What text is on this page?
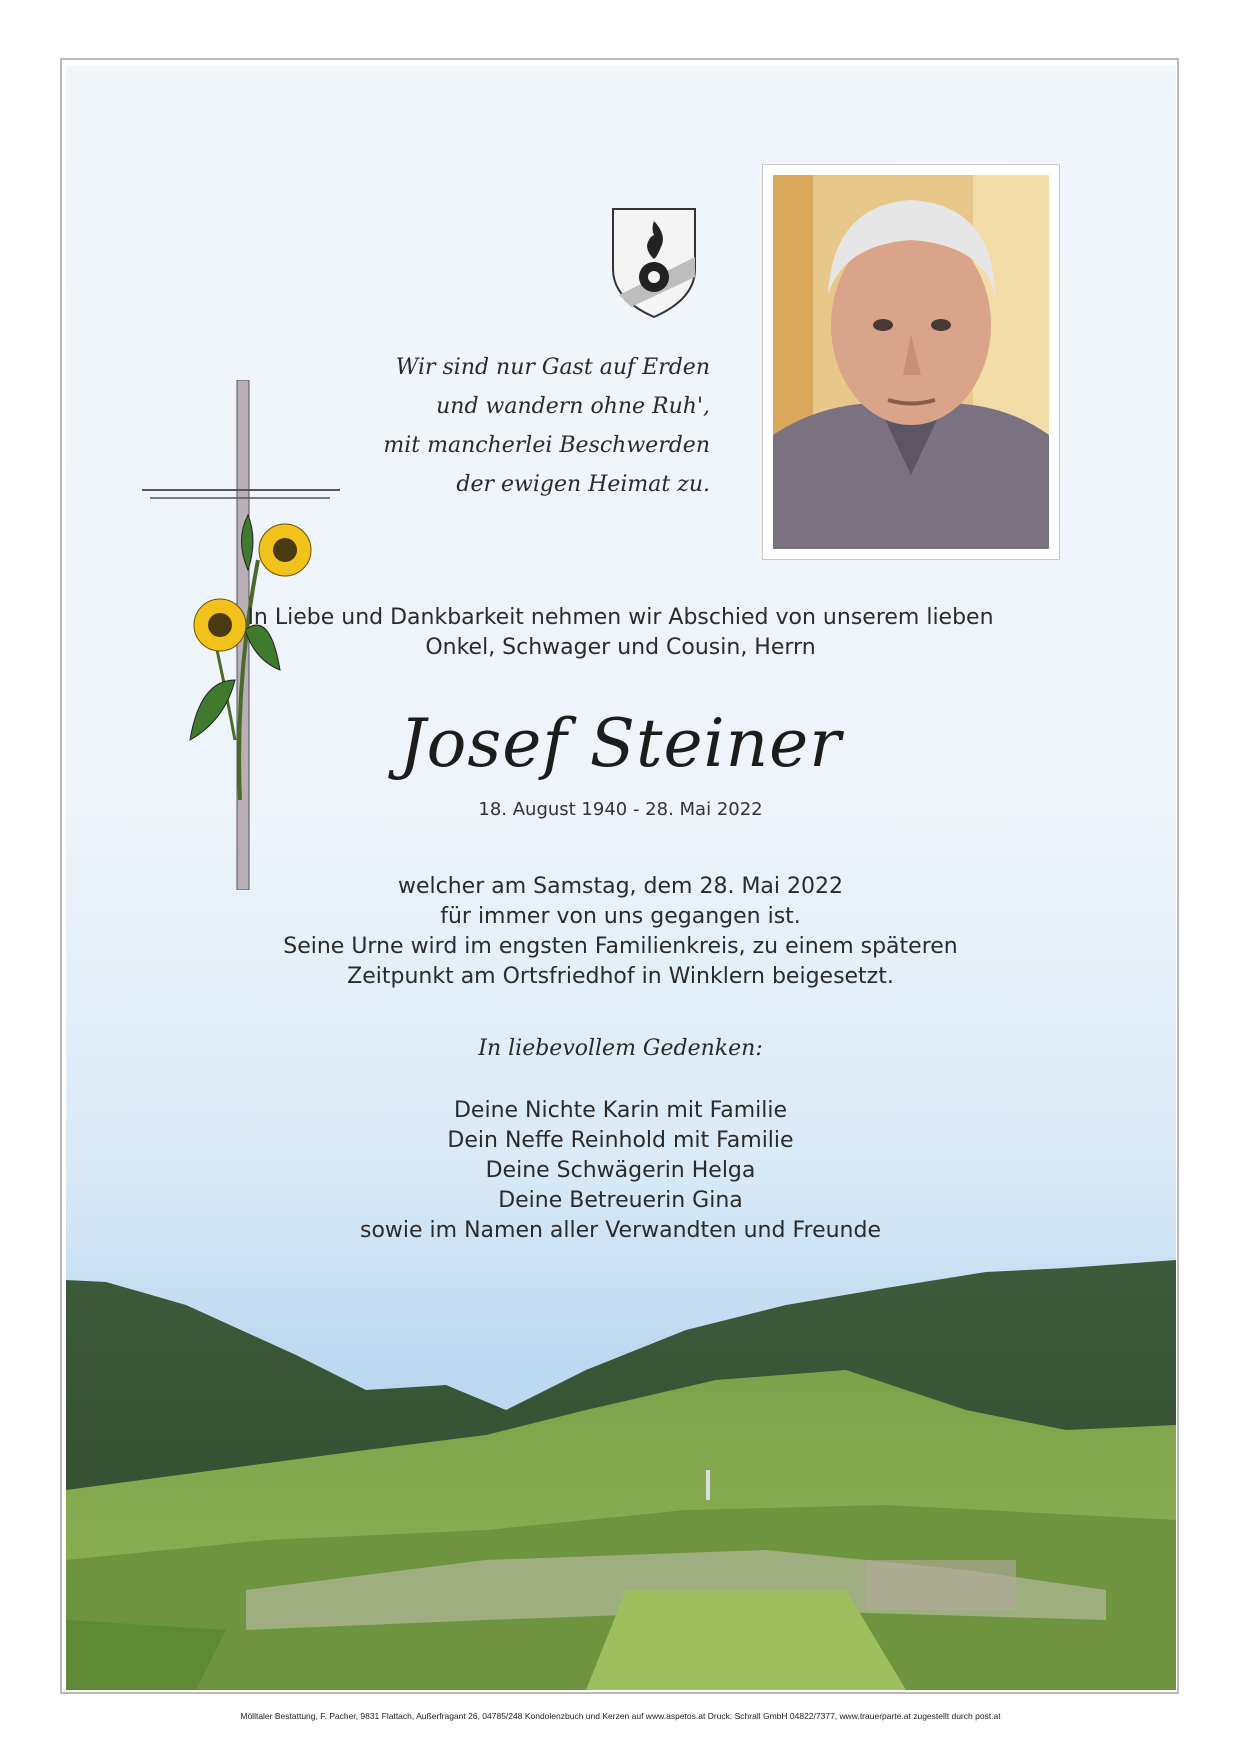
Wir sind nur Gast auf Erden
und wandern ohne Ruh',
mit mancherlei Beschwerden
der ewigen Heimat zu.
In Liebe und Dankbarkeit nehmen wir Abschied von unserem lieben
Onkel, Schwager und Cousin, Herrn
Josef Steiner
18. August 1940 - 28. Mai 2022
welcher am Samstag, dem 28. Mai 2022
für immer von uns gegangen ist.
Seine Urne wird im engsten Familienkreis, zu einem späteren
Zeitpunkt am Ortsfriedhof in Winklern beigesetzt.
In liebevollem Gedenken:
Deine Nichte Karin mit Familie
Dein Neffe Reinhold mit Familie
Deine Schwägerin Helga
Deine Betreuerin Gina
sowie im Namen aller Verwandten und Freunde
Mölltaler Bestattung, F. Pacher, 9831 Flattach, Außerfragant 26, 04785/248 Kondolenzbuch und Kerzen auf www.aspetos.at Druck: Schrall GmbH 04822/7377, www.trauerparte.at zugestellt durch post.at
